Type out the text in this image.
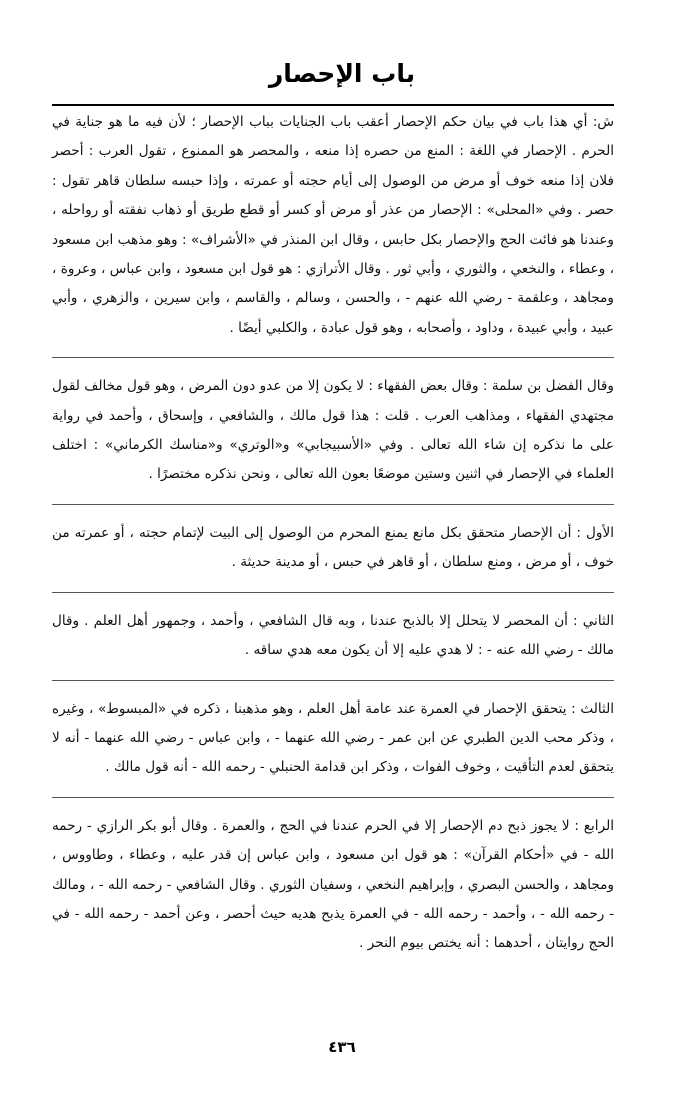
باب الإحصار

ش: أي هذا باب في بيان حكم الإحصار أعقب باب الجنايات بباب الإحصار ؛ لأن فيه ما هو جناية في الحرم . الإحصار في اللغة : المنع من حصره إذا منعه ، والمحصر هو الممنوع ، تقول العرب : أحصر فلان إذا منعه خوف أو مرض من الوصول إلى أيام حجته أو عمرته ، وإذا حبسه سلطان قاهر تقول : حصر . وفي «المحلى» : الإحصار من عذر أو مرض أو كسر أو قطع طريق أو ذهاب نفقته أو رواحله ، وعندنا هو فائت الحج والإحصار بكل حابس ، وقال ابن المنذر في «الأشراف» : وهو مذهب ابن مسعود ، وعطاء ، والنخعي ، والثوري ، وأبي ثور . وقال الأترازي : هو قول ابن مسعود ، وابن عباس ، وعروة ، ومجاهد ، وعلقمة - رضي الله عنهم - ، والحسن ، وسالم ، والقاسم ، وابن سيرين ، والزهري ، وأبي عبيد ، وأبي عبيدة ، وداود ، وأصحابه ، وهو قول عبادة ، والكلبي أيضًا .

وقال الفضل بن سلمة : وقال بعض الفقهاء : لا يكون إلا من عدو دون المرض ، وهو قول مخالف لقول مجتهدي الفقهاء ، ومذاهب العرب . قلت : هذا قول مالك ، والشافعي ، وإسحاق ، وأحمد في رواية على ما نذكره إن شاء الله تعالى . وفي «الأسبيجابي» و«الوتري» و«مناسك الكرماني» : اختلف العلماء في الإحصار في اثنين وستين موضعًا بعون الله تعالى ، ونحن نذكره مختصرًا .

الأول : أن الإحصار متحقق بكل مانع يمنع المحرم من الوصول إلى البيت لإتمام حجته ، أو عمرته من خوف ، أو مرض ، ومنع سلطان ، أو قاهر في حبس ، أو مدينة حديثة .

الثاني : أن المحصر لا يتحلل إلا بالذبح عندنا ، وبه قال الشافعي ، وأحمد ، وجمهور أهل العلم . وقال مالك - رضي الله عنه - : لا هدي عليه إلا أن يكون معه هدي ساقه .

الثالث : يتحقق الإحصار في العمرة عند عامة أهل العلم ، وهو مذهبنا ، ذكره في «المبسوط» ، وغيره ، وذكر محب الدين الطبري عن ابن عمر - رضي الله عنهما - ، وابن عباس - رضي الله عنهما - أنه لا يتحقق لعدم التأقيت ، وخوف الفوات ، وذكر ابن قدامة الحنبلي - رحمه الله - أنه قول مالك .

الرابع : لا يجوز ذبح دم الإحصار إلا في الحرم عندنا في الحج ، والعمرة . وقال أبو بكر الرازي - رحمه الله - في «أحكام القرآن» : هو قول ابن مسعود ، وابن عباس إن قدر عليه ، وعطاء ، وطاووس ، ومجاهد ، والحسن البصري ، وإبراهيم النخعي ، وسفيان الثوري . وقال الشافعي - رحمه الله - ، ومالك - رحمه الله - ، وأحمد - رحمه الله - في العمرة يذبح هديه حيث أحصر ، وعن أحمد - رحمه الله - في الحج روايتان ، أحدهما : أنه يختص بيوم النحر .

٤٣٦
